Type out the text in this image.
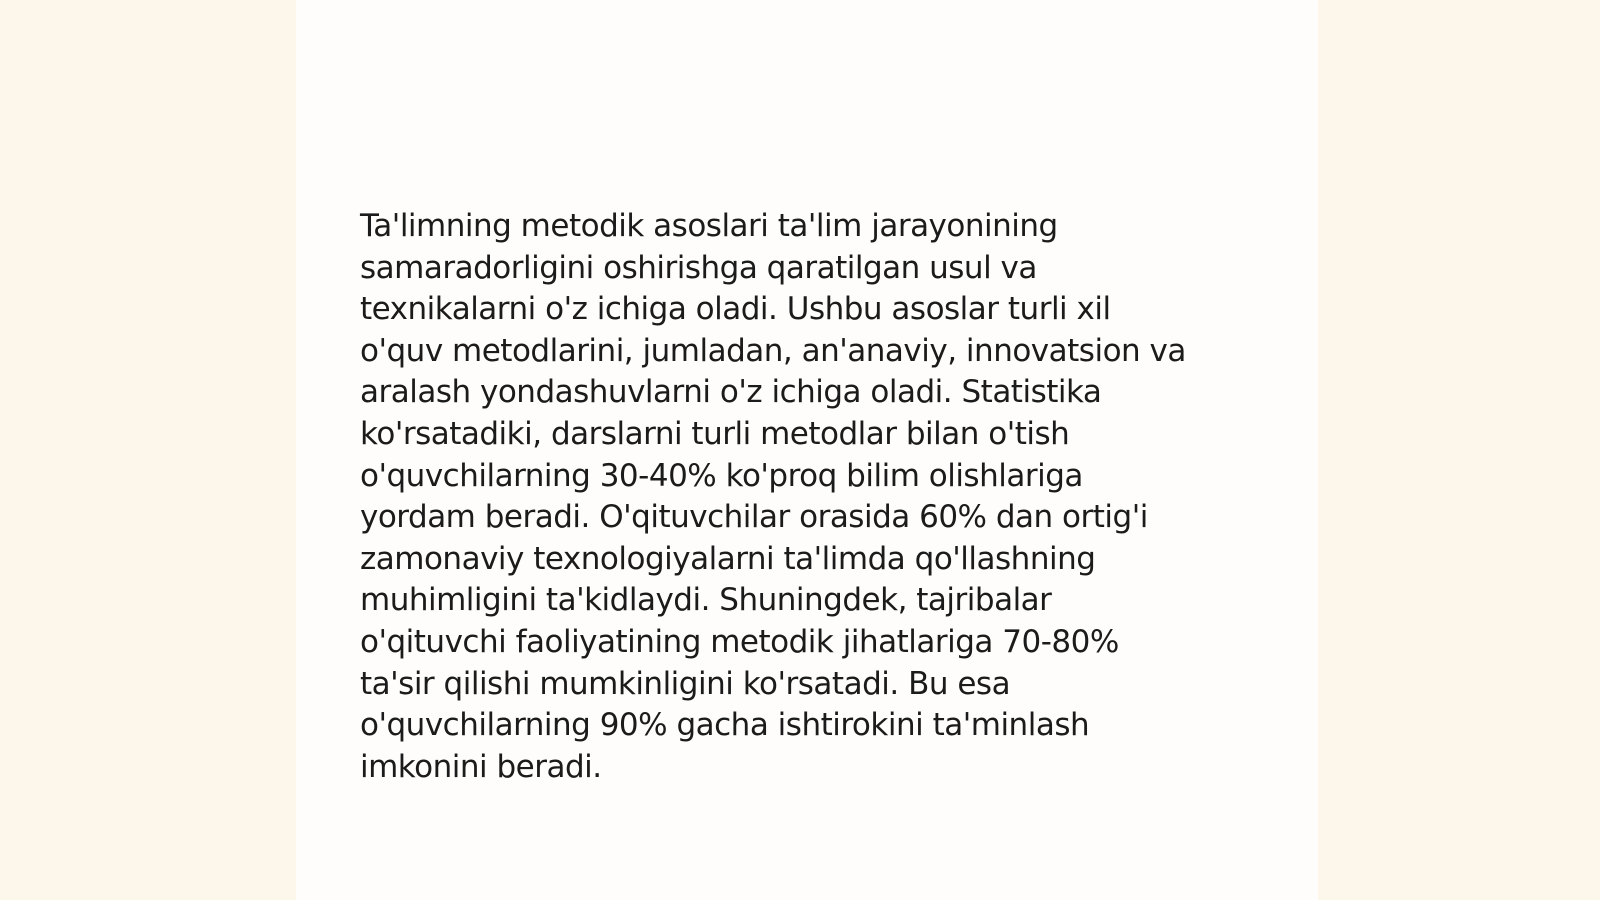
Ta'limning metodik asoslari ta'lim jarayonining
samaradorligini oshirishga qaratilgan usul va
texnikalarni o'z ichiga oladi. Ushbu asoslar turli xil
o'quv metodlarini, jumladan, an'anaviy, innovatsion va
aralash yondashuvlarni o'z ichiga oladi. Statistika
ko'rsatadiki, darslarni turli metodlar bilan o'tish
o'quvchilarning 30-40% ko'proq bilim olishlariga
yordam beradi. O'qituvchilar orasida 60% dan ortig'i
zamonaviy texnologiyalarni ta'limda qo'llashning
muhimligini ta'kidlaydi. Shuningdek, tajribalar
o'qituvchi faoliyatining metodik jihatlariga 70-80%
ta'sir qilishi mumkinligini ko'rsatadi. Bu esa
o'quvchilarning 90% gacha ishtirokini ta'minlash
imkonini beradi.
